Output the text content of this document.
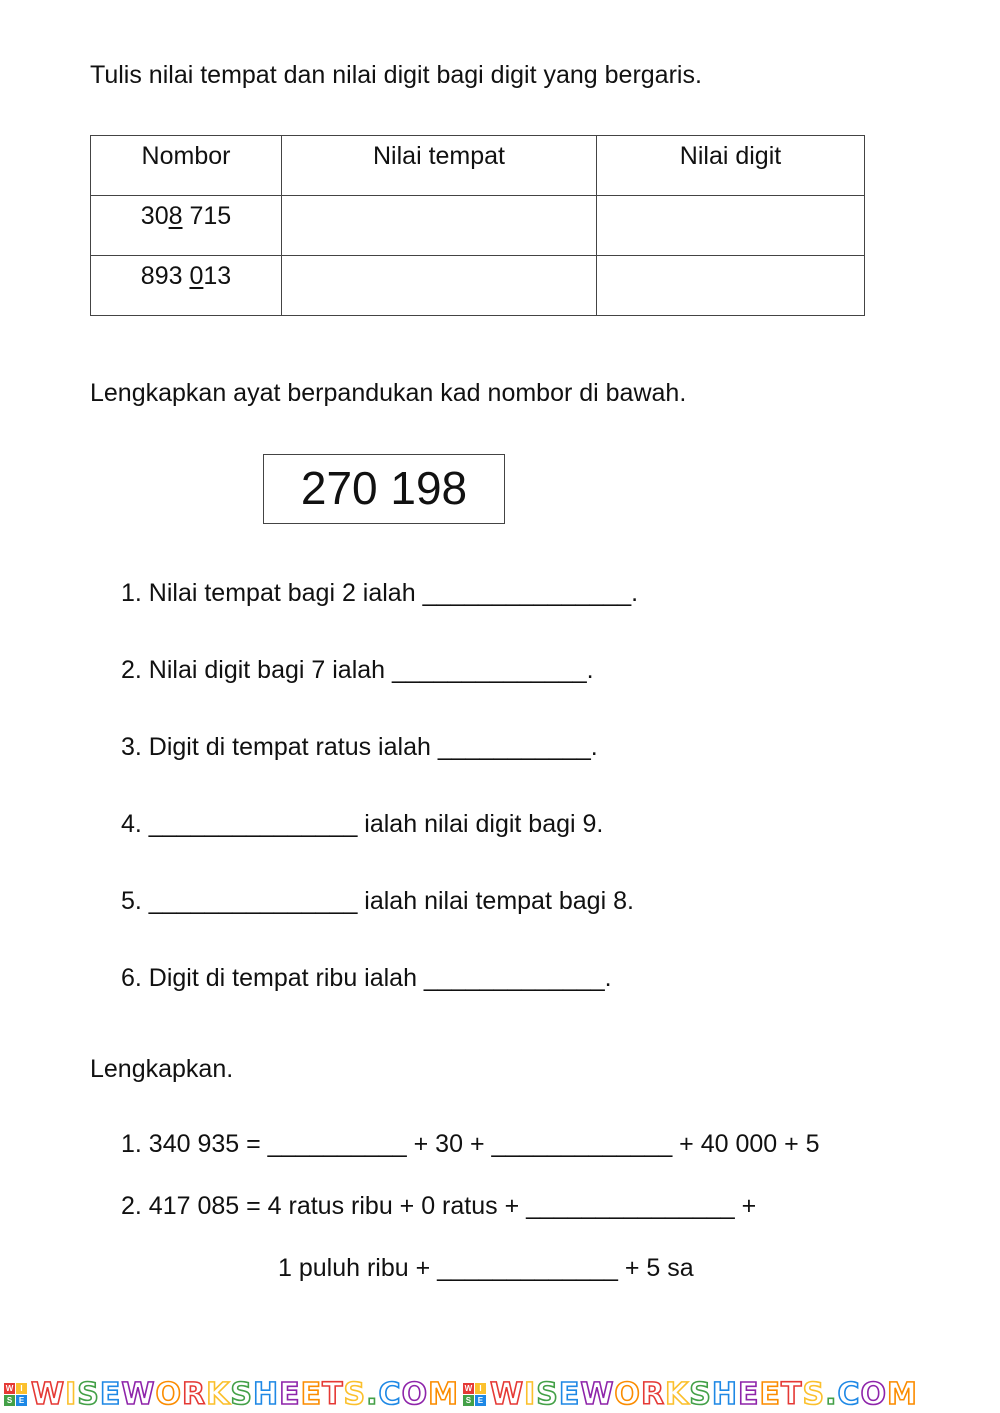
Tulis nilai tempat dan nilai digit bagi digit yang bergaris.
Nombor	Nilai tempat	Nilai digit

308 715		

893 013		

Lengkapkan ayat berpandukan kad nombor di bawah.
270 198
1. Nilai tempat bagi 2 ialah _______________.
2. Nilai digit bagi 7 ialah ______________.
3. Digit di tempat ratus ialah ___________.
4. _______________ ialah nilai digit bagi 9.
5. _______________ ialah nilai tempat bagi 8.
6. Digit di tempat ribu ialah _____________.
Lengkapkan.
1. 340 935 = __________ + 30 + _____________ + 40 000 + 5
2. 417 085 = 4 ratus ribu + 0 ratus + _______________ +
1 puluh ribu + _____________ + 5 sa
W I
S E WISEWORKSHEETS.COM W I
S E WISEWORKSHEETS.COM
